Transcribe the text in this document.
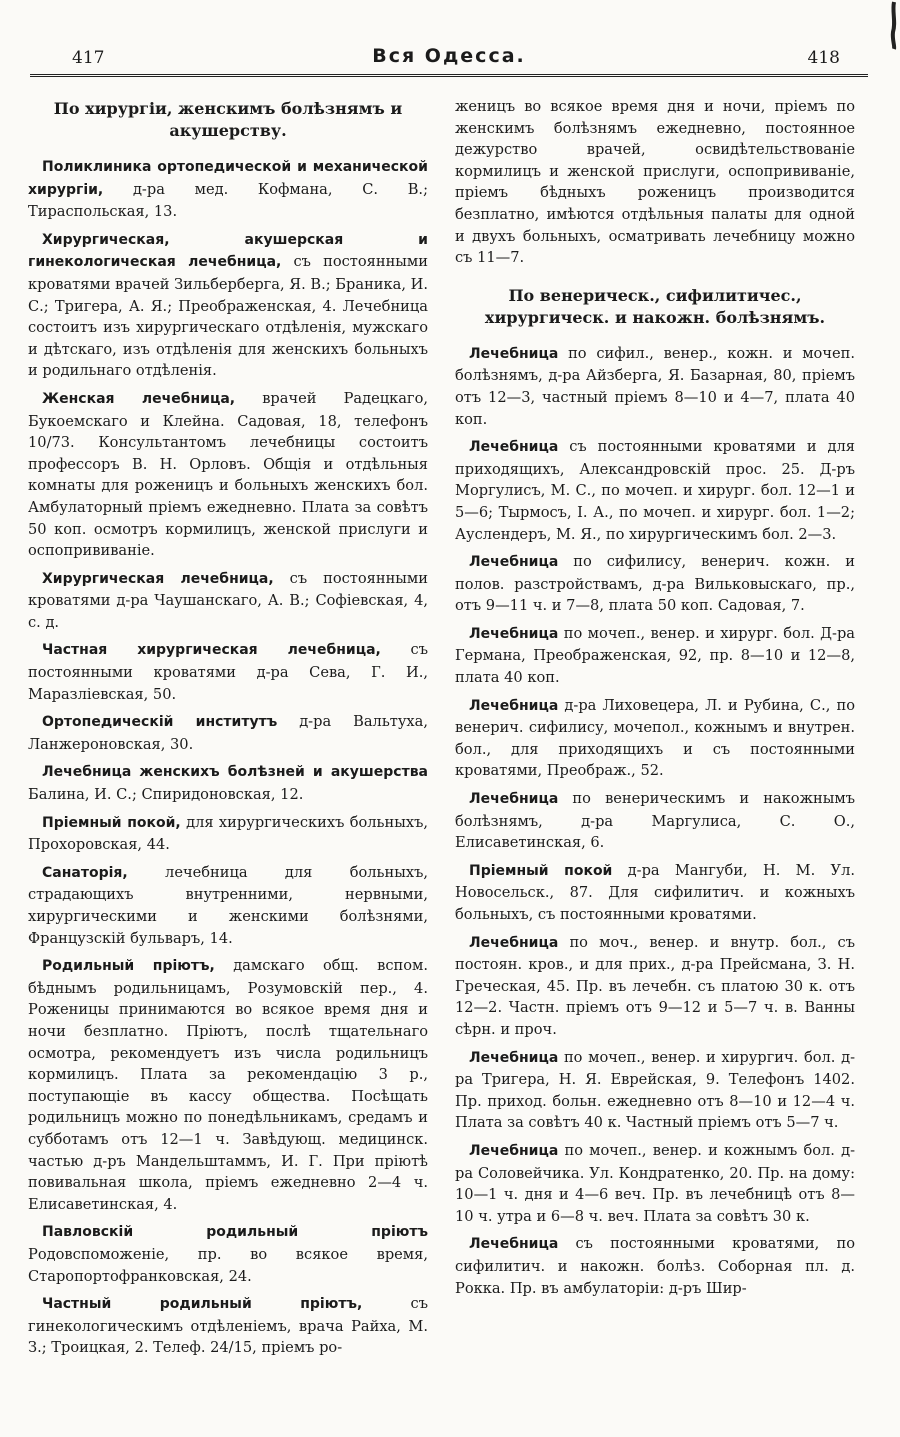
417	Вся Одесса.	418
По хирургіи, женскимъ болѣзнямъ и акушерству.

Поликлиника ортопедической и механической хирургіи, д-ра мед. Кофмана, С. В.; Тираспольская, 13.

Хирургическая, акушерская и гинекологическая лечебница, съ постоянными кроватями врачей Зильберберга, Я. В.; Браника, И. С.; Тригера, А. Я.; Преображенская, 4. Лечебница состоитъ изъ хирургическаго отдѣленія, мужскаго и дѣтскаго, изъ отдѣленія для женскихъ больныхъ и родильнаго отдѣленія.

Женская лечебница, врачей Радецкаго, Букоемскаго и Клейна. Садовая, 18, телефонъ 10/73. Консультантомъ лечебницы состоитъ профессоръ В. Н. Орловъ. Общія и отдѣльныя комнаты для роженицъ и больныхъ женскихъ бол. Амбулаторный пріемъ ежедневно. Плата за совѣтъ 50 коп. осмотръ кормилицъ, женской прислуги и оспопрививаніе.

Хирургическая лечебница, съ постоянными кроватями д-ра Чаушанскаго, А. В.; Софіевская, 4, с. д.

Частная хирургическая лечебница, съ постоянными кроватями д-ра Сева, Г. И., Маразліевская, 50.

Ортопедическій институтъ д-ра Вальтуха, Ланжероновская, 30.

Лечебница женскихъ болѣзней и акушерства Балина, И. С.; Спиридоновская, 12.

Пріемный покой, для хирургическихъ больныхъ, Прохоровская, 44.

Санаторія, лечебница для больныхъ, страдающихъ внутренними, нервными, хирургическими и женскими болѣзнями, Французскій бульваръ, 14.

Родильный пріютъ, дамскаго общ. вспом. бѣднымъ родильницамъ, Розумовскій пер., 4. Роженицы принимаются во всякое время дня и ночи безплатно. Пріютъ, послѣ тщательнаго осмотра, рекомендуетъ изъ числа родильницъ кормилицъ. Плата за рекомендацію 3 р., поступающіе въ кассу общества. Посѣщать родильницъ можно по понедѣльникамъ, средамъ и субботамъ отъ 12—1 ч. Завѣдующ. медицинск. частью д-ръ Мандельштаммъ, И. Г. При пріютѣ повивальная школа, пріемъ ежедневно 2—4 ч. Елисаветинская, 4.

Павловскій родильный пріютъ Родовспоможеніе, пр. во всякое время, Старопортофранковская, 24.

Частный родильный пріютъ, съ гинекологическимъ отдѣленіемъ, врача Райха, М. З.; Троицкая, 2. Телеф. 24/15, пріемъ ро-

женицъ во всякое время дня и ночи, пріемъ по женскимъ болѣзнямъ ежедневно, постоянное дежурство врачей, освидѣтельствованіе кормилицъ и женской прислуги, оспопрививаніе, пріемъ бѣдныхъ роженицъ производится безплатно, имѣются отдѣльныя палаты для одной и двухъ больныхъ, осматривать лечебницу можно съ 11—7.

По венерическ., сифилитичес., хирургическ. и накожн. болѣзнямъ.

Лечебница по сифил., венер., кожн. и мочеп. болѣзнямъ, д-ра Айзберга, Я. Базарная, 80, пріемъ отъ 12—3, частный пріемъ 8—10 и 4—7, плата 40 коп.

Лечебница съ постоянными кроватями и для приходящихъ, Александровскій прос. 25. Д-ръ Моргулисъ, М. С., по мочеп. и хирург. бол. 12—1 и 5—6; Тырмосъ, І. А., по мочеп. и хирург. бол. 1—2; Ауслендеръ, М. Я., по хирургическимъ бол. 2—3.

Лечебница по сифилису, венерич. кожн. и полов. разстройствамъ, д-ра Вильковыскаго, пр., отъ 9—11 ч. и 7—8, плата 50 коп. Садовая, 7.

Лечебница по мочеп., венер. и хирург. бол. Д-ра Германа, Преображенская, 92, пр. 8—10 и 12—8, плата 40 коп.

Лечебница д-ра Лиховецера, Л. и Рубина, С., по венерич. сифилису, мочепол., кожнымъ и внутрен. бол., для приходящихъ и съ постоянными кроватями, Преображ., 52.

Лечебница по венерическимъ и накожнымъ болѣзнямъ, д-ра Маргулиса, С. О., Елисаветинская, 6.

Пріемный покой д-ра Мангуби, Н. М. Ул. Новосельск., 87. Для сифилитич. и кожныхъ больныхъ, съ постоянными кроватями.

Лечебница по моч., венер. и внутр. бол., съ постоян. кров., и для прих., д-ра Прейсмана, З. Н. Греческая, 45. Пр. въ лечебн. съ платою 30 к. отъ 12—2. Частн. пріемъ отъ 9—12 и 5—7 ч. в. Ванны сѣрн. и проч.

Лечебница по мочеп., венер. и хирургич. бол. д-ра Тригера, Н. Я. Еврейская, 9. Телефонъ 1402. Пр. приход. больн. ежедневно отъ 8—10 и 12—4 ч. Плата за совѣтъ 40 к. Частный пріемъ отъ 5—7 ч.

Лечебница по мочеп., венер. и кожнымъ бол. д-ра Соловейчика. Ул. Кондратенко, 20. Пр. на дому: 10—1 ч. дня и 4—6 веч. Пр. въ лечебницѣ отъ 8—10 ч. утра и 6—8 ч. веч. Плата за совѣтъ 30 к.

Лечебница съ постоянными кроватями, по сифилитич. и накожн. болѣз. Соборная пл. д. Рокка. Пр. въ амбулаторіи: д-ръ Шир-
